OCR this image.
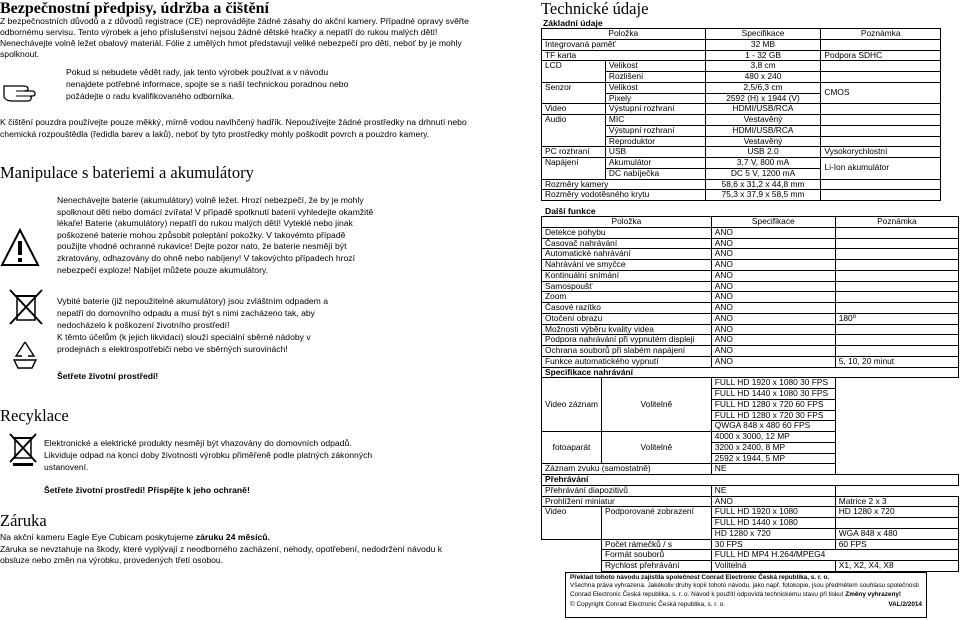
Bezpečnostní předpisy, údržba a čištění

Z bezpečnostních důvodů a z důvodů registrace (CE) neprovádějte žádné zásahy do akční kamery. Případné opravy svěřte odbornému servisu. Tento výrobek a jeho příslušenství nejsou žádné dětské hračky a nepatří do rukou malých dětí! Nenechávejte volně ležet obalový materiál. Fólie z umělých hmot představují veliké nebezpečí pro děti, neboť by je mohly spolknout.

Pokud si nebudete vědět rady, jak tento výrobek používat a v návodu nenajdete potřebné informace, spojte se s naší technickou poradnou nebo požádejte o radu kvalifikovaného odborníka.

K čištění pouzdra používejte pouze měkký, mírně vodou navlhčený hadřík. Nepoužívejte žádné prostředky na drhnutí nebo chemická rozpouštědla (ředidla barev a laků), neboť by tyto prostředky mohly poškodit povrch a pouzdro kamery.

Manipulace s bateriemi a akumulátory

Nenechávejte baterie (akumulátory) volně ležet. Hrozí nebezpečí, že by je mohly spolknout děti nebo domácí zvířata! V případě spolknutí baterií vyhledejte okamžitě lékaře! Baterie (akumulátory) nepatří do rukou malých dětí! Vyteklé nebo jinak poškozené baterie mohou způsobit poleptání pokožky. V takovémto případě použijte vhodné ochranné rukavice! Dejte pozor nato, že baterie nesmějí být zkratovány, odhazovány do ohně nebo nabíjeny! V takovýchto případech hrozí nebezpečí exploze! Nabíjet můžete pouze akumulátory.

Vybité baterie (již nepoužitelné akumulátory) jsou zvláštním odpadem a nepatří do domovního odpadu a musí být s nimi zacházeno tak, aby nedocházelo k poškození životního prostředí!

K těmto účelům (k jejich likvidaci) slouží speciální sběrné nádoby v prodejnách s elektrospotřebiči nebo ve sběrných surovinách!

Šetřete životní prostředí!

Recyklace

Elektronické a elektrické produkty nesmějí být vhazovány do domovních odpadů. Likviduje odpad na konci doby životnosti výrobku přiměřeně podle platných zákonných ustanovení.

Šetřete životní prostředí! Přispějte k jeho ochraně!

Záruka

Na akční kameru Eagle Eye Cubicam poskytujeme záruku 24 měsíců.
Záruka se nevztahuje na škody, které vyplývají z neodborného zacházení, nehody, opotřebení, nedodržení návodu k obsluze nebo změn na výrobku, provedených třetí osobou.

Technické údaje

Základní údaje

Položka		Specifikace	Poznámka
Integrovaná paměť		32 MB	
TF karta		1 - 32 GB	Podpora SDHC
LCD	Velikost	3,8 cm	
	Rozlišení	480 x 240	
Senzor	Velikost	2,5/6,3 cm	CMOS
	Pixely	2592 (H) x 1944 (V)	
Video	Výstupní rozhraní	HDMI/USB/RCA	
Audio	MIC	Vestavěný	
	Výstupní rozhraní	HDMI/USB/RCA	
	Reproduktor	Vestavěný	
PC rozhraní	USB	USB 2.0	Vysokorychlostní
Napájení	Akumulátor	3,7 V, 800 mA	Li-Ion akumulátor
	DC nabíječka	DC 5 V, 1200 mA	
Rozměry kamery		58,6 x 31,2 x 44,8 mm	
Rozměry vodotěsného krytu		75,3 x 37,9 x 58,5 mm	

Další funkce

Položka		Specifikace	Poznámka
Detekce pohybu		ANO	
Časovač nahrávání		ANO	
Automatické nahrávání		ANO	
Nahrávání ve smyčce		ANO	
Kontinuální snímání		ANO	
Samospoušť		ANO	
Zoom		ANO	
Časové razítko		ANO	
Otočení obrazu		ANO	180º
Možnosti výběru kvality videa		ANO	
Podpora nahrávání při vypnutém displeji		ANO	
Ochrana souborů při slabém napájení		ANO	
Funkce automatického vypnutí		ANO	5, 10, 20 minut
Specifikace nahrávání			
Video záznam	Volitelně	FULL HD 1920 x 1080 30 FPS	
		FULL HD 1440 x 1080 30 FPS	
		FULL HD 1280 x 720 60 FPS	
		FULL HD 1280 x 720 30 FPS	
		QWGA 848 x 480 60 FPS	
fotoaparát	Volitelně	4000 x 3000, 12 MP	
		3200 x 2400, 8 MP	
		2592 x 1944, 5 MP	
Záznam zvuku (samostatně)		NE	
Přehrávání			
Přehrávání diapozitivů		NE	
Prohlížení miniatur		ANO	Matrice 2 x 3
Video	Podporované zobrazení	FULL HD 1920 x 1080	HD 1280 x 720
		FULL HD 1440 x 1080	
		HD 1280 x 720	WGA 848 x 480
	Počet rámečků / s	30 FPS	60 FPS
	Formát souborů	FULL HD MP4 H.264/MPEG4	
	Rychlost přehrávání	Volitelná	X1, X2, X4, X8
Překlad tohoto návodu zajistila společnost Conrad Electronic Česká republika, s. r. o.
Všechna práva vyhrazena. Jakékoliv druhy kopií tohoto návodu, jako např. fotokopie, jsou předmětem souhlasu společnosti Conrad Electronic Česká republika, s. r. o. Návod k použití odpovídá technickému stavu při tisku! Změny vyhrazeny!
© Copyright Conrad Electronic Česká republika, s. r. o.	VAL/2/2014
